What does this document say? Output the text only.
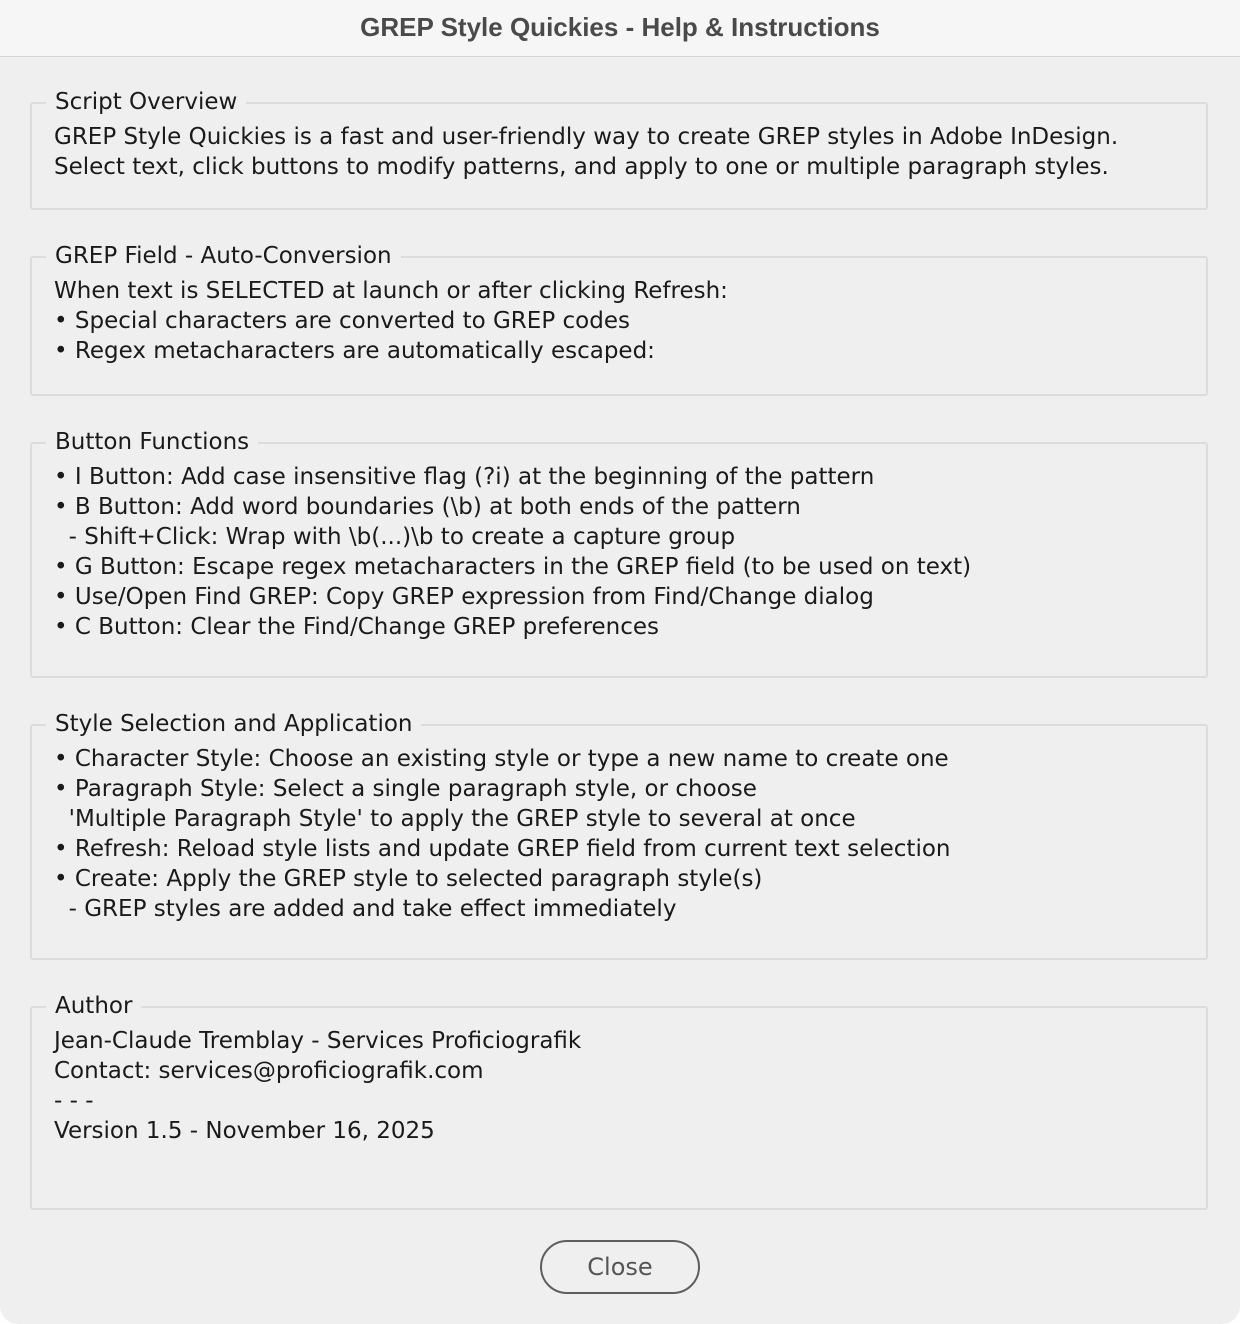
GREP Style Quickies - Help & Instructions
Script Overview
GREP Style Quickies is a fast and user-friendly way to create GREP styles in Adobe InDesign.
Select text, click buttons to modify patterns, and apply to one or multiple paragraph styles.
GREP Field - Auto-Conversion
When text is SELECTED at launch or after clicking Refresh:
• Special characters are converted to GREP codes
• Regex metacharacters are automatically escaped:
Button Functions
• I Button: Add case insensitive flag (?i) at the beginning of the pattern
• B Button: Add word boundaries (\b) at both ends of the pattern
- Shift+Click: Wrap with \b(...)\b to create a capture group
• G Button: Escape regex metacharacters in the GREP field (to be used on text)
• Use/Open Find GREP: Copy GREP expression from Find/Change dialog
• C Button: Clear the Find/Change GREP preferences
Style Selection and Application
• Character Style: Choose an existing style or type a new name to create one
• Paragraph Style: Select a single paragraph style, or choose
'Multiple Paragraph Style' to apply the GREP style to several at once
• Refresh: Reload style lists and update GREP field from current text selection
• Create: Apply the GREP style to selected paragraph style(s)
- GREP styles are added and take effect immediately
Author
Jean-Claude Tremblay - Services Proficiografik
Contact: services@proficiografik.com
- - -
Version 1.5 - November 16, 2025
Close
